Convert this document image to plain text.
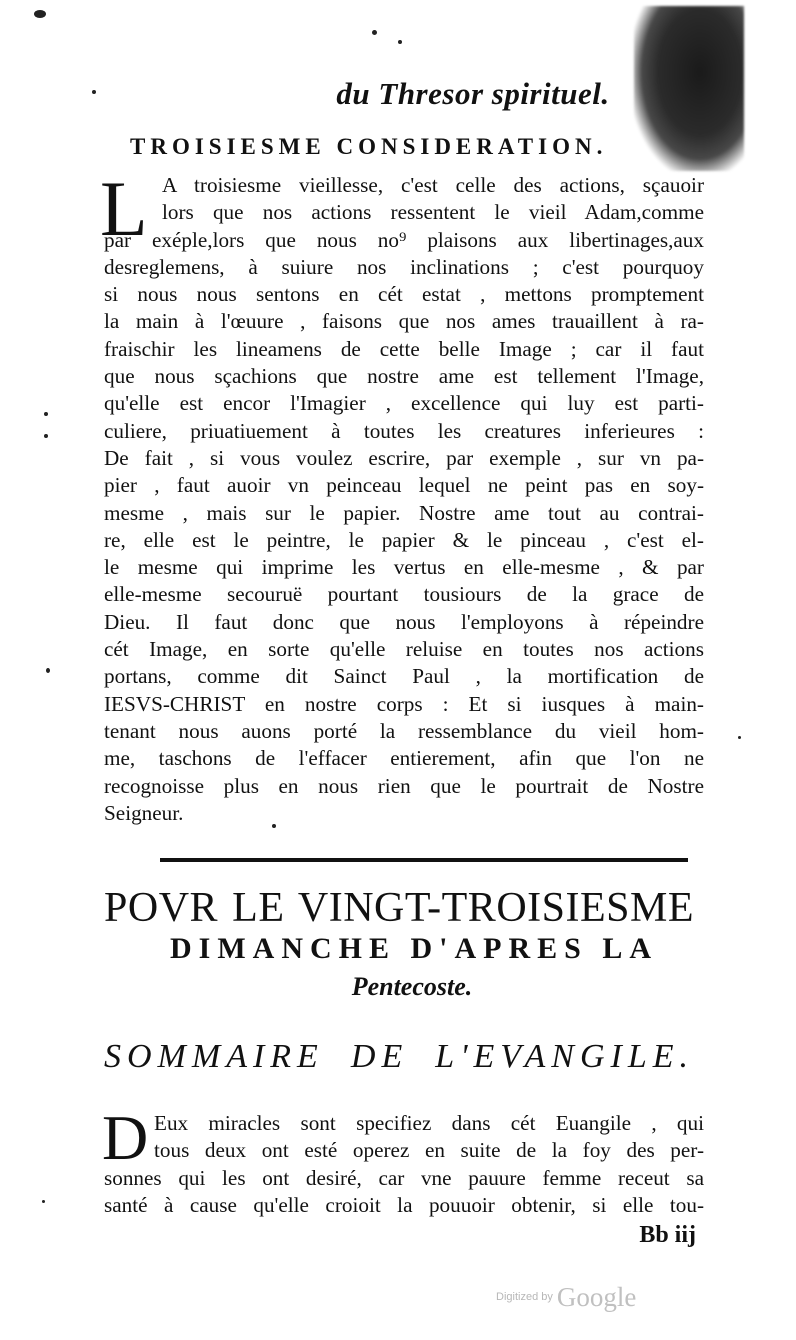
du Thresor spirituel.
TROISIESME CONSIDERATION.
L A troisiesme vieillesse, c'est celle des actions, sçauoir
lors que nos actions ressentent le vieil Adam,comme
par exéple,lors que nous no⁹ plaisons aux libertinages,aux
desreglemens, à suiure nos inclinations ; c'est pourquoy
si nous nous sentons en cét estat , mettons promptement
la main à l'œuure , faisons que nos ames trauaillent à ra-
fraischir les lineamens de cette belle Image ; car il faut
que nous sçachions que nostre ame est tellement l'Image,
qu'elle est encor l'Imagier , excellence qui luy est parti-
culiere, priuatiuement à toutes les creatures inferieures :
De fait , si vous voulez escrire, par exemple , sur vn pa-
pier , faut auoir vn peinceau lequel ne peint pas en soy-
mesme , mais sur le papier. Nostre ame tout au contrai-
re, elle est le peintre, le papier & le pinceau , c'est el-
le mesme qui imprime les vertus en elle-mesme , & par
elle-mesme secouruë pourtant tousiours de la grace de
Dieu. Il faut donc que nous l'employons à répeindre
cét Image, en sorte qu'elle reluise en toutes nos actions
portans, comme dit Sainct Paul , la mortification de
IESVS-CHRIST en nostre corps : Et si iusques à main-
tenant nous auons porté la ressemblance du vieil hom-
me, taschons de l'effacer entierement, afin que l'on ne
recognoisse plus en nous rien que le pourtrait de Nostre
Seigneur.
POVR LE VINGT-TROISIESME
DIMANCHE D'APRES LA
Pentecoste.
SOMMAIRE DE L'EVANGILE.
D Eux miracles sont specifiez dans cét Euangile , qui
tous deux ont esté operez en suite de la foy des per-
sonnes qui les ont desiré, car vne pauure femme receut sa
santé à cause qu'elle croioit la pouuoir obtenir, si elle tou-
Bb iij
$^{Digitized by}$ Google
